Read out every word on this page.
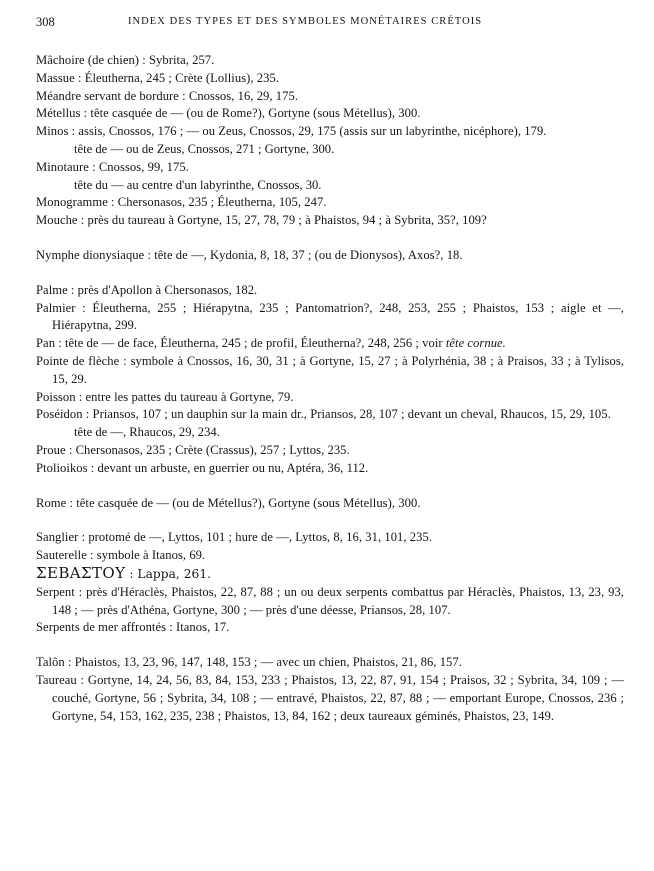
308	INDEX DES TYPES ET DES SYMBOLES MONÉTAIRES CRÉTOIS

Mâchoire (de chien) : Sybrita, 257.

Massue : Éleutherna, 245 ; Crète (Lollius), 235.

Méandre servant de bordure : Cnossos, 16, 29, 175.

Métellus : tête casquée de — (ou de Rome?), Gortyne (sous Métellus), 300.

Minos : assis, Cnossos, 176 ; — ou Zeus, Cnossos, 29, 175 (assis sur un labyrinthe, nicéphore), 179.

tête de — ou de Zeus, Cnossos, 271 ; Gortyne, 300.

Minotaure : Cnossos, 99, 175.

tête du — au centre d'un labyrinthe, Cnossos, 30.

Monogramme : Chersonasos, 235 ; Éleutherna, 105, 247.

Mouche : près du taureau à Gortyne, 15, 27, 78, 79 ; à Phaistos, 94 ; à Sybrita, 35?, 109?

Nymphe dionysiaque : tête de —, Kydonia, 8, 18, 37 ; (ou de Dionysos), Axos?, 18.

Palme : près d'Apollon à Chersonasos, 182.

Palmier : Éleutherna, 255 ; Hiérapytna, 235 ; Pantomatrion?, 248, 253, 255 ; Phaistos, 153 ; aigle et —, Hiérapytna, 299.

Pan : tête de — de face, Éleutherna, 245 ; de profil, Éleutherna?, 248, 256 ; voir tête cornue.

Pointe de flèche : symbole à Cnossos, 16, 30, 31 ; à Gortyne, 15, 27 ; à Polyrhénia, 38 ; à Praisos, 33 ; à Tylisos, 15, 29.

Poisson : entre les pattes du taureau à Gortyne, 79.

Poséidon : Priansos, 107 ; un dauphin sur la main dr., Priansos, 28, 107 ; devant un cheval, Rhaucos, 15, 29, 105.

tête de —, Rhaucos, 29, 234.

Proue : Chersonasos, 235 ; Crète (Crassus), 257 ; Lyttos, 235.

Ptolioikos : devant un arbuste, en guerrier ou nu, Aptéra, 36, 112.

Rome : tête casquée de — (ou de Métellus?), Gortyne (sous Métellus), 300.

Sanglier : protomé de —, Lyttos, 101 ; hure de —, Lyttos, 8, 16, 31, 101, 235.

Sauterelle : symbole à Itanos, 69.

ΣΕΒΑΣΤΟΥ : Lappa, 261.

Serpent : près d'Héraclès, Phaistos, 22, 87, 88 ; un ou deux serpents combattus par Héraclès, Phaistos, 13, 23, 93, 148 ; — près d'Athéna, Gortyne, 300 ; — près d'une déesse, Priansos, 28, 107.

Serpents de mer affrontés : Itanos, 17.

Talôn : Phaistos, 13, 23, 96, 147, 148, 153 ; — avec un chien, Phaistos, 21, 86, 157.

Taureau : Gortyne, 14, 24, 56, 83, 84, 153, 233 ; Phaistos, 13, 22, 87, 91, 154 ; Praisos, 32 ; Sybrita, 34, 109 ; — couché, Gortyne, 56 ; Sybrita, 34, 108 ; — entravé, Phaistos, 22, 87, 88 ; — emportant Europe, Cnossos, 236 ; Gortyne, 54, 153, 162, 235, 238 ; Phaistos, 13, 84, 162 ; deux taureaux géminés, Phaistos, 23, 149.
